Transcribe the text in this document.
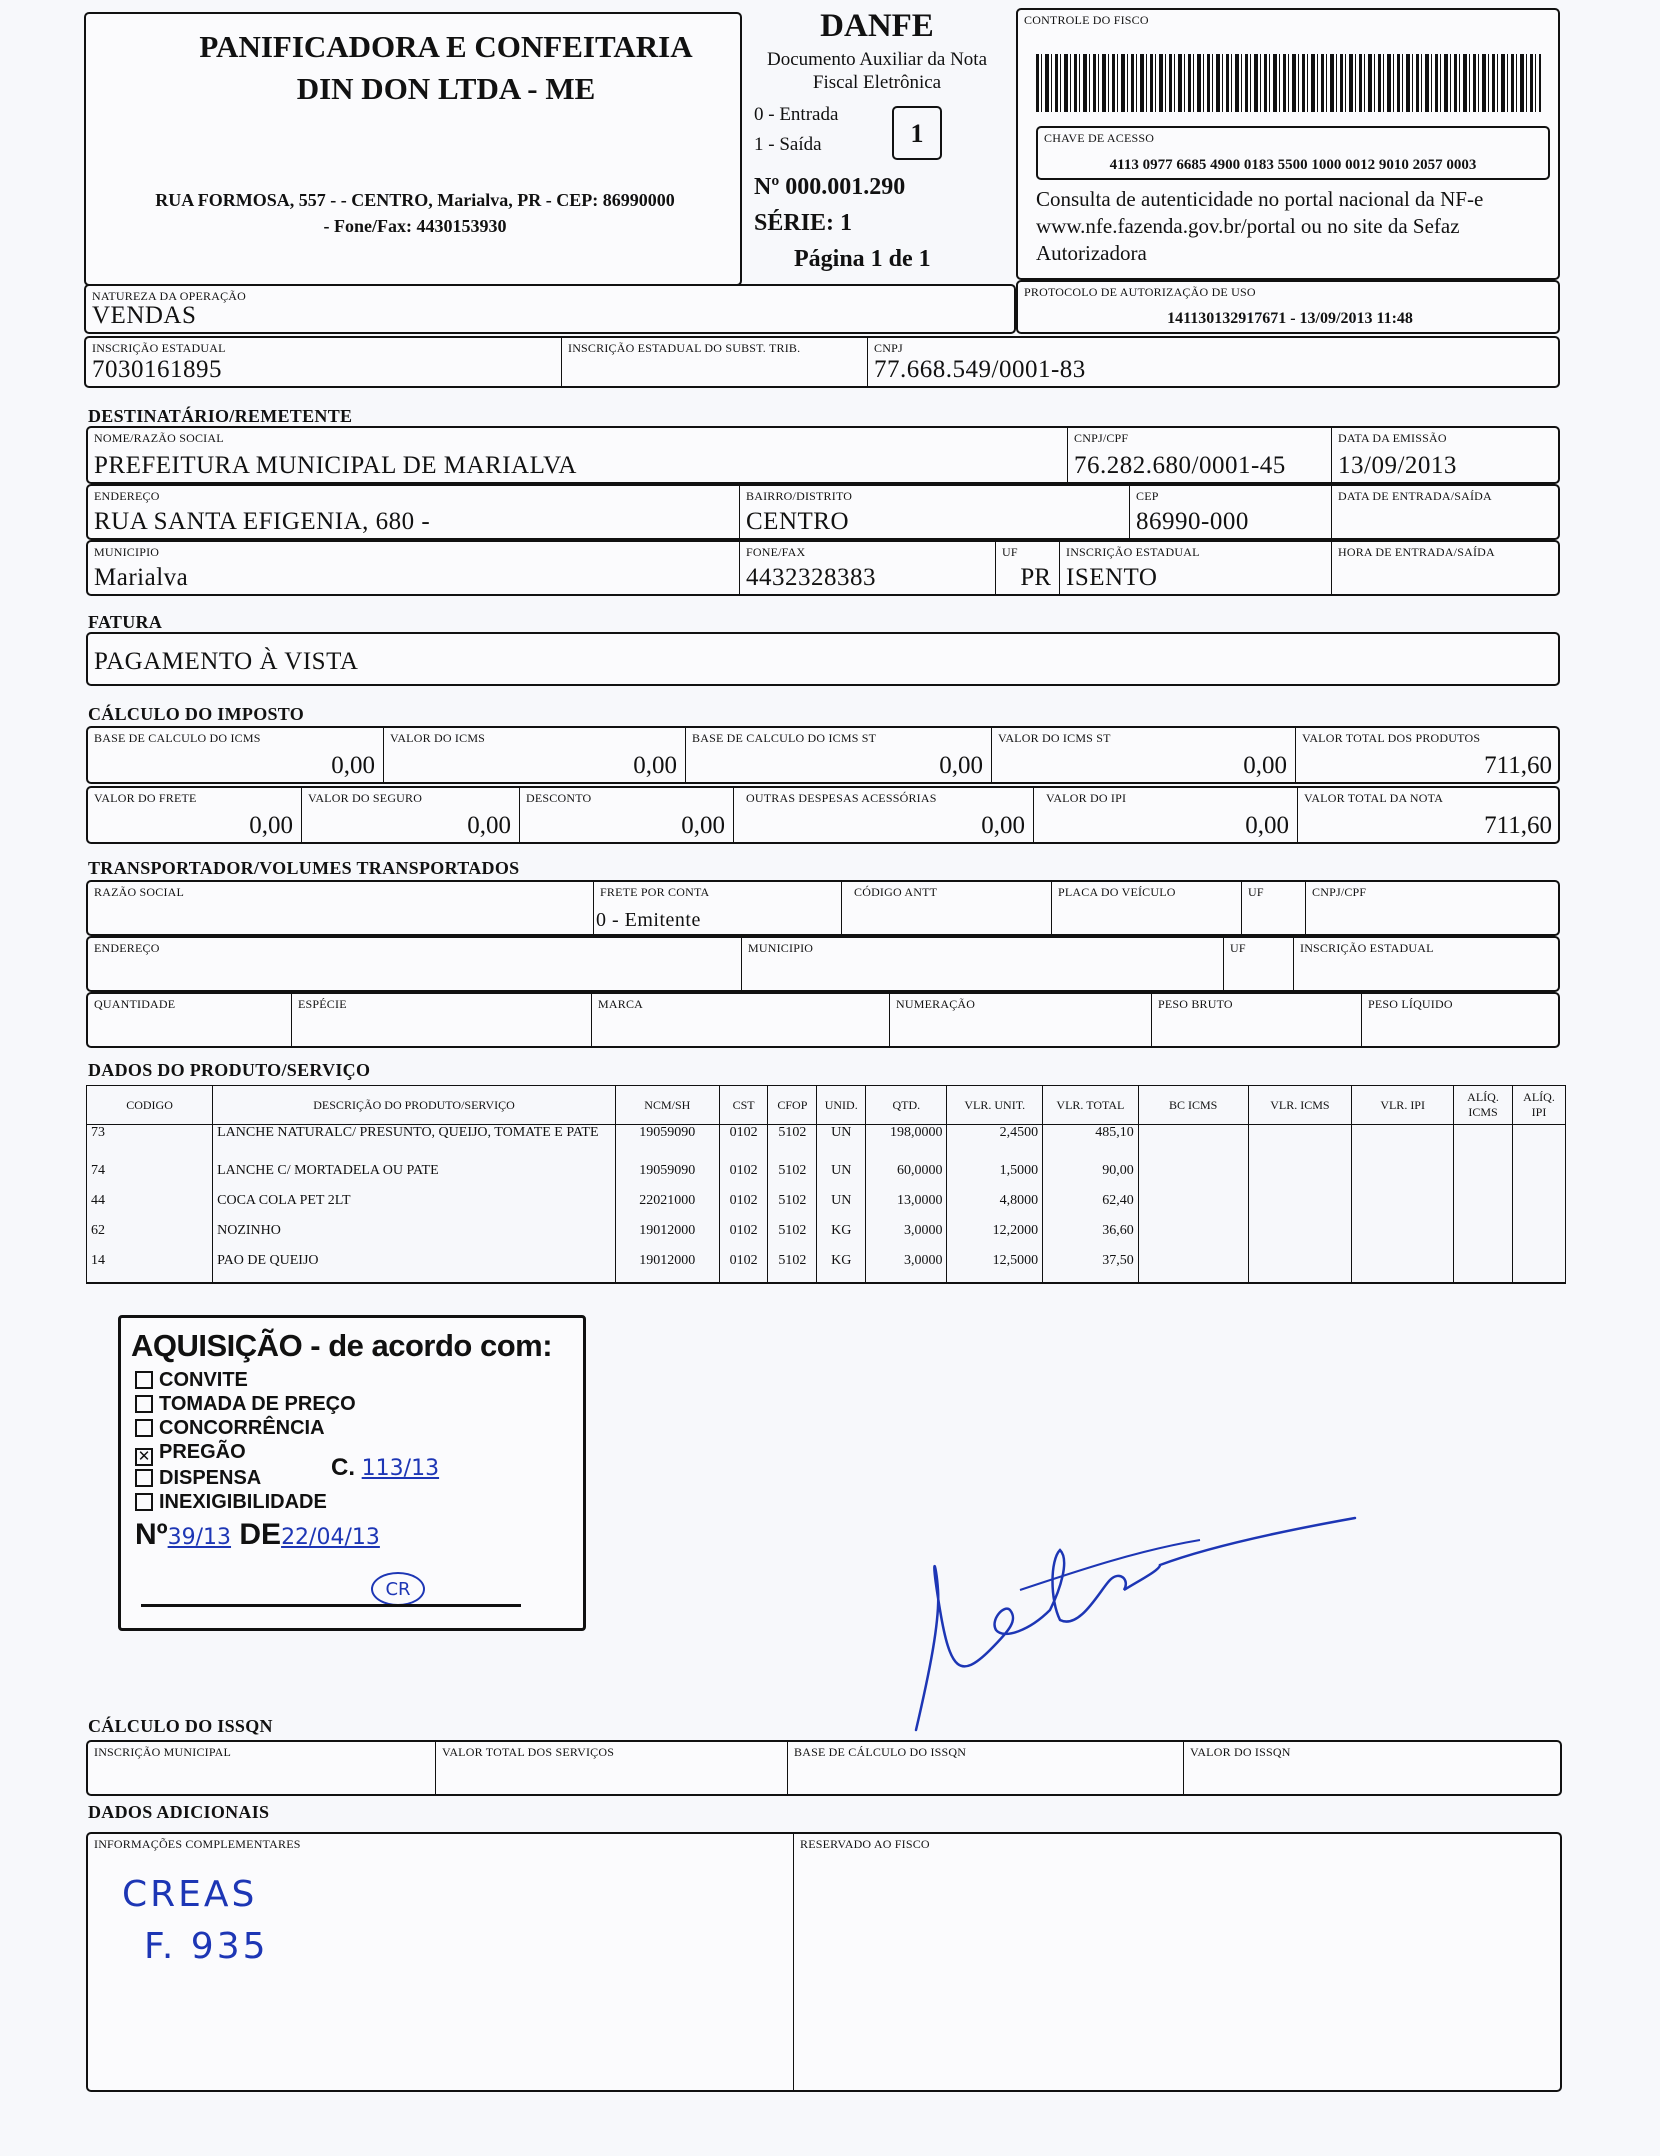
PANIFICADORA E CONFEITARIA DIN DON LTDA - ME
RUA FORMOSA, 557 - - CENTRO, Marialva, PR - CEP: 86990000
- Fone/Fax: 4430153930
DANFE
Documento Auxiliar da Nota Fiscal Eletrônica
0 - Entrada
1 - Saída	1
Nº 000.001.290
SÉRIE: 1
Página 1 de 1
CONTROLE DO FISCO
CHAVE DE ACESSO
4113 0977 6685 4900 0183 5500 1000 0012 9010 2057 0003
Consulta de autenticidade no portal nacional da NF-e www.nfe.fazenda.gov.br/portal ou no site da Sefaz Autorizadora
PROTOCOLO DE AUTORIZAÇÃO DE USO
141130132917671 - 13/09/2013 11:48
NATUREZA DA OPERAÇÃO
VENDAS
INSCRIÇÃO ESTADUAL
7030161895
INSCRIÇÃO ESTADUAL DO SUBST. TRIB.	CNPJ
77.668.549/0001-83
DESTINATÁRIO/REMETENTE
NOME/RAZÃO SOCIAL
PREFEITURA MUNICIPAL DE MARIALVA
CNPJ/CPF
76.282.680/0001-45
DATA DA EMISSÃO
13/09/2013
ENDEREÇO
RUA SANTA EFIGENIA, 680 -
BAIRRO/DISTRITO
CENTRO
CEP
86990-000
DATA DE ENTRADA/SAÍDA
MUNICIPIO
Marialva
FONE/FAX
4432328383
UF
PR
INSCRIÇÃO ESTADUAL
ISENTO
HORA DE ENTRADA/SAÍDA
FATURA
PAGAMENTO À VISTA
CÁLCULO DO IMPOSTO
BASE DE CALCULO DO ICMS
0,00
VALOR DO ICMS
0,00
BASE DE CALCULO DO ICMS ST
0,00
VALOR DO ICMS ST
0,00
VALOR TOTAL DOS PRODUTOS
711,60
VALOR DO FRETE
0,00
VALOR DO SEGURO
0,00
DESCONTO
0,00
OUTRAS DESPESAS ACESSÓRIAS
0,00
VALOR DO IPI
0,00
VALOR TOTAL DA NOTA
711,60
TRANSPORTADOR/VOLUMES TRANSPORTADOS
RAZÃO SOCIAL	FRETE POR CONTA
0 - Emitente
CÓDIGO ANTT	PLACA DO VEÍCULO	UF	CNPJ/CPF
ENDEREÇO	MUNICIPIO	UF	INSCRIÇÃO ESTADUAL
QUANTIDADE	ESPÉCIE	MARCA	NUMERAÇÃO	PESO BRUTO	PESO LÍQUIDO
DADOS DO PRODUTO/SERVIÇO
CODIGO	DESCRIÇÃO DO PRODUTO/SERVIÇO	NCM/SH	CST	CFOP	UNID.	QTD.	VLR. UNIT.	VLR. TOTAL	BC ICMS	VLR. ICMS	VLR. IPI	ALÍQ. ICMS	ALÍQ. IPI
73	LANCHE NATURALC/ PRESUNTO, QUEIJO, TOMATE E PATE	19059090	0102	5102	UN	198,0000	2,4500	485,10					
74	LANCHE C/ MORTADELA OU PATE	19059090	0102	5102	UN	60,0000	1,5000	90,00					
44	COCA COLA PET 2LT	22021000	0102	5102	UN	13,0000	4,8000	62,40					
62	NOZINHO	19012000	0102	5102	KG	3,0000	12,2000	36,60					
14	PAO DE QUEIJO	19012000	0102	5102	KG	3,0000	12,5000	37,50					
AQUISIÇÃO - de acordo com:
CONVITE
TOMADA DE PREÇO
CONCORRÊNCIA
✕ PREGÃO
DISPENSA
INEXIGIBILIDADE
C. 113/13
Nº39/13 DE22/04/13
CR
CÁLCULO DO ISSQN
INSCRIÇÃO MUNICIPAL	VALOR TOTAL DOS SERVIÇOS	BASE DE CÁLCULO DO ISSQN	VALOR DO ISSQN
DADOS ADICIONAIS
INFORMAÇÕES COMPLEMENTARES
CREAS
F. 935
RESERVADO AO FISCO
